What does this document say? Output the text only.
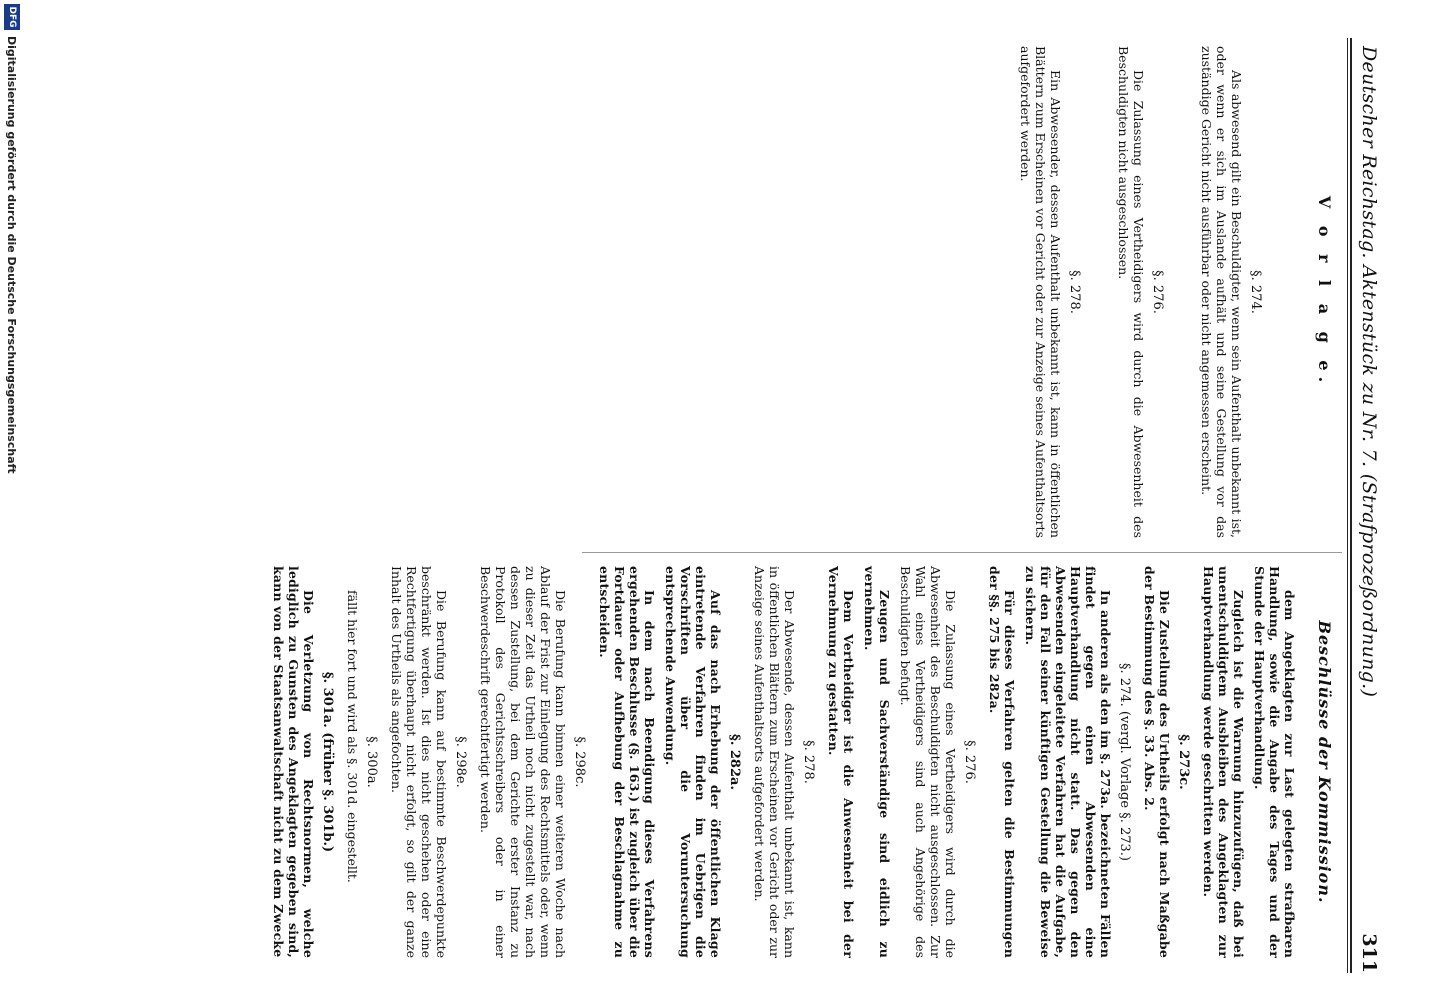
Deutscher Reichstag. Aktenstück zu Nr. 7. (Strafprozeßordnung.)
311
V o r l a g e.
§. 274.

Als abwesend gilt ein Beschuldigter, wenn sein Aufenthalt unbekannt ist, oder wenn er sich im Auslande aufhält und seine Gestellung vor das zuständige Gericht nicht ausführbar oder nicht angemessen erscheint.

§. 276.

Die Zulassung eines Vertheidigers wird durch die Abwesenheit des Beschuldigten nicht ausgeschlossen.

§. 278.

Ein Abwesender, dessen Aufenthalt unbekannt ist, kann in öffentlichen Blättern zum Erscheinen vor Gericht oder zur Anzeige seines Aufenthaltsorts aufgefordert werden.

Beschlüsse der Kommission.

dem Angeklagten zur Last gelegten strafbaren Handlung, sowie die Angabe des Tages und der Stunde der Hauptverhandlung.

Zugleich ist die Warnung hinzuzufügen, daß bei unentschuldigtem Ausbleiben des Angeklagten zur Hauptverhandlung werde geschritten werden.

§. 273c.

Die Zustellung des Urtheils erfolgt nach Maßgabe der Bestimmung des §. 33. Abs. 2.

§. 274. (vergl. Vorlage §. 273.)

In anderen als den im §. 273a. bezeichneten Fällen findet gegen einen Abwesenden eine Hauptverhandlung nicht statt. Das gegen den Abwesenden eingeleitete Verfahren hat die Aufgabe, für den Fall seiner künftigen Gestellung die Beweise zu sichern.

Für dieses Verfahren gelten die Bestimmungen der §§. 275 bis 282a.

§. 276.

Die Zulassung eines Vertheidigers wird durch die Abwesenheit des Beschuldigten nicht ausgeschlossen. Zur Wahl eines Vertheidigers sind auch Angehörige des Beschuldigten befugt.

Zeugen und Sachverständige sind eidlich zu vernehmen.

Dem Vertheidiger ist die Anwesenheit bei der Vernehmung zu gestatten.

§. 278.

Der Abwesende, dessen Aufenthalt unbekannt ist, kann in öffentlichen Blättern zum Erscheinen vor Gericht oder zur Anzeige seines Aufenthaltsorts aufgefordert werden.

§. 282a.

Auf das nach Erhebung der öffentlichen Klage eintretende Verfahren finden im Uebrigen die Vorschriften über die Voruntersuchung entsprechende Anwendung.

In dem nach Beendigung dieses Verfahrens ergehenden Beschlusse (§. 163.) ist zugleich über die Fortdauer oder Aufhebung der Beschlagnahme zu entscheiden.

§. 298c.

Die Berufung kann binnen einer weiteren Woche nach Ablauf der Frist zur Einlegung des Rechtsmittels oder, wenn zu dieser Zeit das Urtheil noch nicht zugestellt war, nach dessen Zustellung, bei dem Gerichte erster Instanz zu Protokoll des Gerichtsschreibers oder in einer Beschwerdeschrift gerechtfertigt werden.

§. 298e.

Die Berufung kann auf bestimmte Beschwerdepunkte beschränkt werden. Ist dies nicht geschehen oder eine Rechtfertigung überhaupt nicht erfolgt, so gilt der ganze Inhalt des Urtheils als angefochten.

§. 300a.

fällt hier fort und wird als §. 301d. eingestellt.

§. 301a. (früher §. 301b.)

Die Verletzung von Rechtsnormen, welche lediglich zu Gunsten des Angeklagten gegeben sind, kann von der Staatsanwaltschaft nicht zu dem Zwecke

DFG
Digitalisierung gefördert durch die Deutsche Forschungsgemeinschaft
